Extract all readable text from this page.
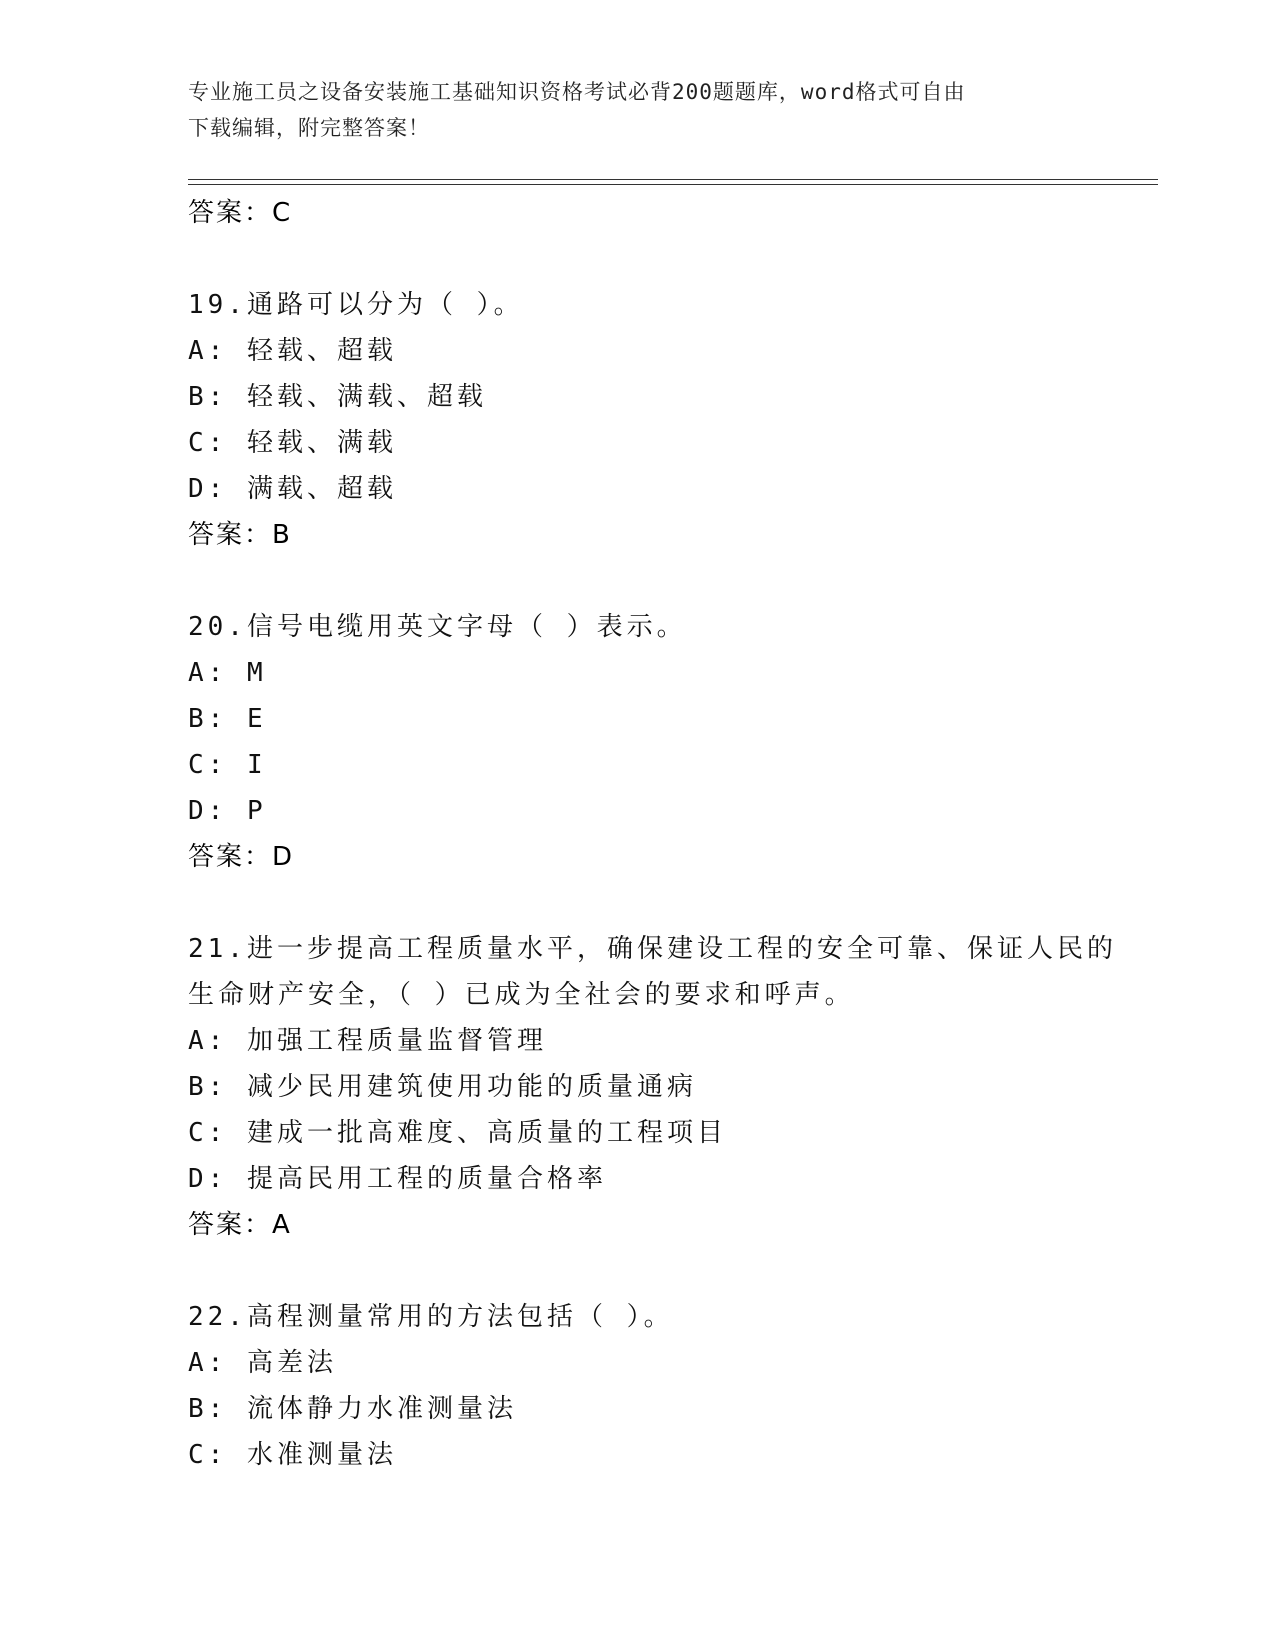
专业施工员之设备安装施工基础知识资格考试必背200题题库，word格式可自由
下载编辑，附完整答案！

答案：C

19.通路可以分为（ ）。

A: 轻载、超载

B: 轻载、满载、超载

C: 轻载、满载

D: 满载、超载

答案：B

20.信号电缆用英文字母（ ）表示。

A: M

B: E

C: I

D: P

答案：D

21.进一步提高工程质量水平，确保建设工程的安全可靠、保证人民的

生命财产安全，（ ）已成为全社会的要求和呼声。

A: 加强工程质量监督管理

B: 减少民用建筑使用功能的质量通病

C: 建成一批高难度、高质量的工程项目

D: 提高民用工程的质量合格率

答案：A

22.高程测量常用的方法包括（ ）。

A: 高差法

B: 流体静力水准测量法

C: 水准测量法
